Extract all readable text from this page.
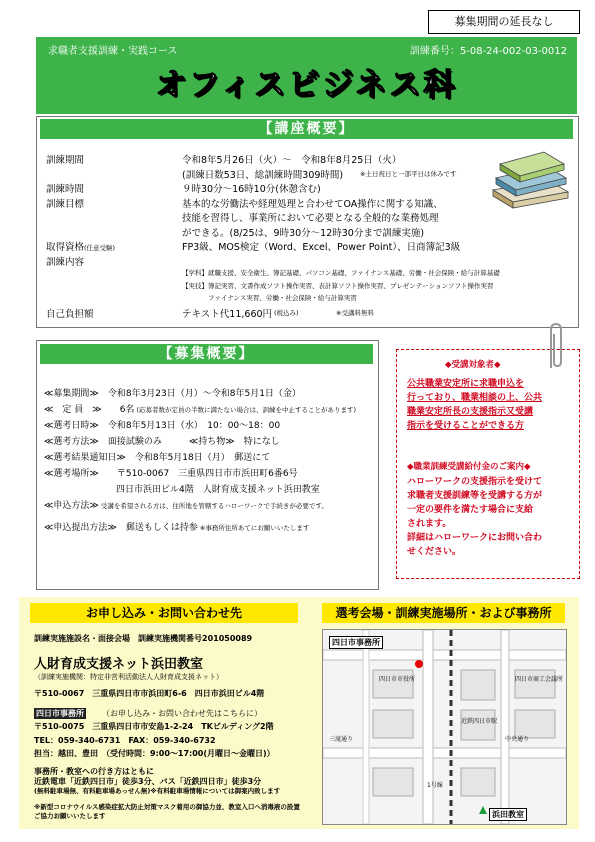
募集期間の延長なし
求職者支援訓練・実践コース	訓練番号：5-08-24-002-03-0012
オフィスビジネス科
【講座概要】
【募集概要】
◆受講対象者◆
公共職業安定所に求職申込を
行っており、職業相談の上、公共
職業安定所長の支援指示又受講
指示を受けることができる方
◆職業訓練受講給付金のご案内◆
ハローワークの支援指示を受けて
求職者支援訓練等を受講する方が
一定の要件を満たす場合に支給
されます。
詳細はハローワークにお問い合わ
せください。
お申し込み・お問い合わせ先	選考会場・訓練実施場所・および事務所
訓練実施施設名・面接会場　訓練実施機関番号201050089
人財育成支援ネット浜田教室
（訓練実施機関：特定非営利活動法人人財育成支援ネット）
〒510-0067　三重県四日市市浜田町6-6　四日市浜田ビル4階
四日市事務所 （お申し込み・お問い合わせ先はこちらに）
〒510-0075　三重県四日市市安島1-2-24　TKビルディング2階
TEL：059-340-6731　FAX：059-340-6732
担当：越田、豊田　（受付時間：9:00～17:00(月曜日～金曜日)）
事務所・教室への行き方はともに
近鉄電車「近鉄四日市」徒歩3分、バス「近鉄四日市」徒歩3分
(無料駐車場無、有料駐車場あっせん無)※有料駐車場情報については御案内致します
※新型コロナウイルス感染症拡大防止対策マスク着用の御協力並、教室入口へ消毒液の設置
ご協力お願いいたします
四日市事務所
浜田教室
四日市市役所
近鉄四日市駅
中央通り
四日市商工会議所
1号線
三滝通り
訓練期間	令和8年5月26日（火）～　令和8年8月25日（火）
(訓練日数53日、総訓練時間309時間)	※土日祝日と一部平日は休みです
訓練時間	９時30分～16時10分(休憩含む)
訓練目標	基本的な労働法や経理処理と合わせてOA操作に関する知識、
技能を習得し、事業所において必要となる全般的な業務処理
ができる。(8/25は、9時30分～12時30分まで訓練実施)
取得資格(任意受験)	FP3級、MOS検定（Word、Excel、Power Point）、日商簿記3級
訓練内容
【学科】就職支援、安全衛生、簿記基礎、パソコン基礎、ファイナンス基礎、労働・社会保険・給与計算基礎
【実技】簿記実習、文書作成ソフト操作実習、表計算ソフト操作実習、プレゼンテーションソフト操作実習
　　　　ファイナンス実習、労働・社会保険・給与計算実習
自己負担額	テキスト代11,660円 (税込み)	※受講料無料
≪募集期間≫　令和8年3月23日（月）～令和8年5月1日（金）
≪　定 員　≫　　6名 (応募者数が定員の半数に満たない場合は、訓練を中止することがあります)
≪選考日時≫　令和8年5月13日（水）　10：00～18：00
≪選考方法≫　面接試験のみ　　　≪持ち物≫　特になし
≪選考結果通知日≫　令和8年5月18日（月）　郵送にて
≪選考場所≫　　〒510-0067　三重県四日市市浜田町6番6号
　　　　　　　　四日市浜田ビル4階　人財育成支援ネット浜田教室
≪申込方法≫ 受講を希望される方は、住所地を管轄するハローワークで手続きが必要です。
≪申込提出方法≫　郵送もしくは持参 ※事務所住所あてにお願いいたします
